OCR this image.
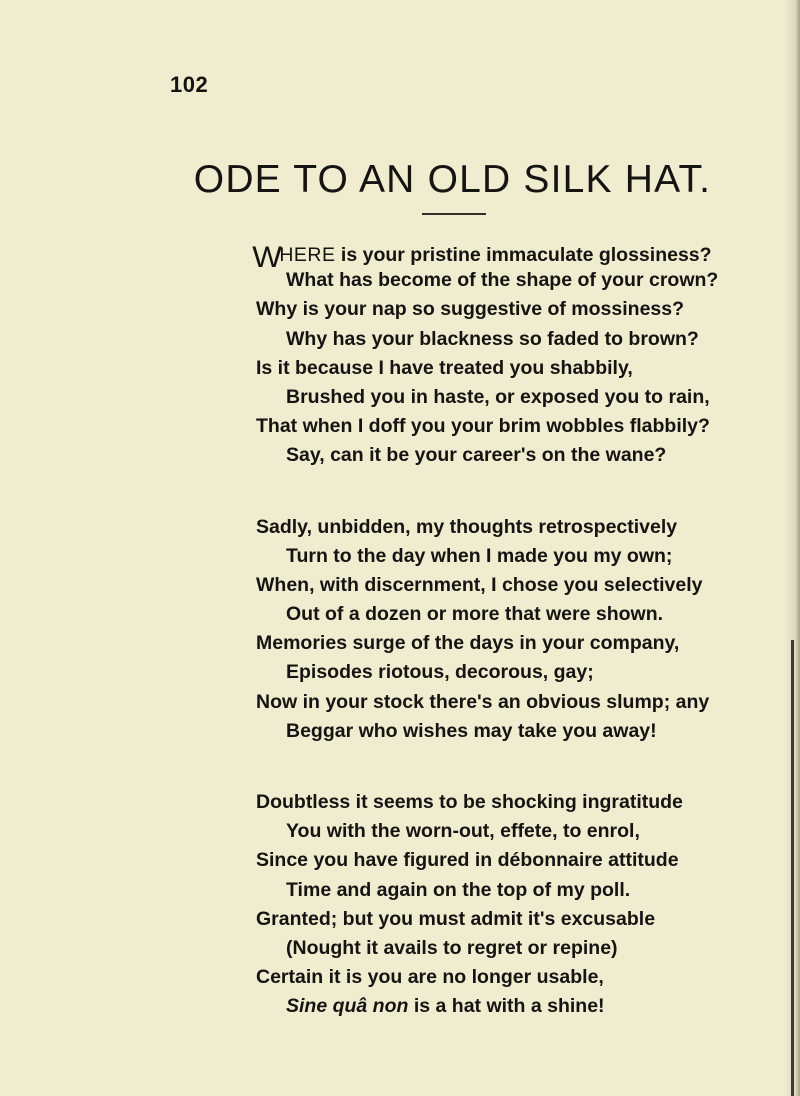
102
ODE TO AN OLD SILK HAT.
WHERE is your pristine immaculate glossiness?
What has become of the shape of your crown?
Why is your nap so suggestive of mossiness?
Why has your blackness so faded to brown?
Is it because I have treated you shabbily,
Brushed you in haste, or exposed you to rain,
That when I doff you your brim wobbles flabbily?
Say, can it be your career's on the wane?
Sadly, unbidden, my thoughts retrospectively
Turn to the day when I made you my own;
When, with discernment, I chose you selectively
Out of a dozen or more that were shown.
Memories surge of the days in your company,
Episodes riotous, decorous, gay;
Now in your stock there's an obvious slump; any
Beggar who wishes may take you away!
Doubtless it seems to be shocking ingratitude
You with the worn-out, effete, to enrol,
Since you have figured in débonnaire attitude
Time and again on the top of my poll.
Granted; but you must admit it's excusable
(Nought it avails to regret or repine)
Certain it is you are no longer usable,
Sine quâ non is a hat with a shine!
